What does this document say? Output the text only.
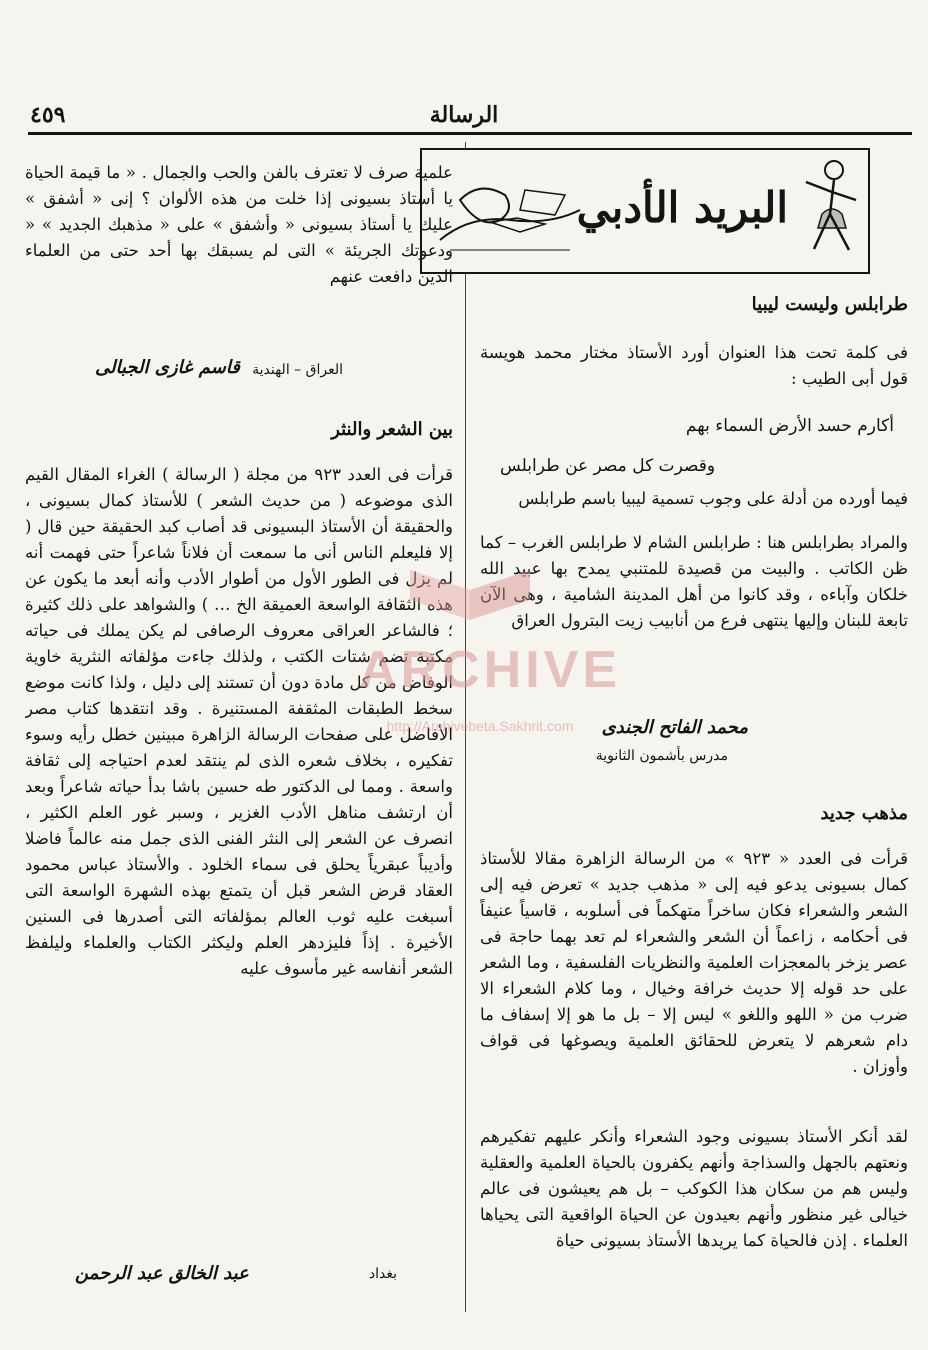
الرسالة
٤٥٩
البريد الأدبي

طرابلس وليست ليبيا

فى كلمة تحت هذا العنوان أورد الأستاذ مختار محمد هويسة قول أبى الطيب :

أكارم حسد الأرض السماء بهم

وقصرت كل مصر عن طرابلس

فيما أورده من أدلة على وجوب تسمية ليبيا باسم طرابلس

والمراد بطرابلس هنا : طرابلس الشام لا طرابلس الغرب – كما ظن الكاتب . والبيت من قصيدة للمتنبي يمدح بها عبيد الله خلكان وآباءه ، وقد كانوا من أهل المدينة الشامية ، وهى الآن تابعة للبنان وإليها ينتهى فرع من أنابيب زيت البترول العراق

محمد الفاتح الجندى

مدرس بأشمون الثانوية

مذهب جديد

قرأت فى العدد « ٩٢٣ » من الرسالة الزاهرة مقالا للأستاذ كمال بسيونى يدعو فيه إلى « مذهب جديد » تعرض فيه إلى الشعر والشعراء فكان ساخراً متهكماً فى أسلوبه ، قاسياً عنيفاً فى أحكامه ، زاعماً أن الشعر والشعراء لم تعد بهما حاجة فى عصر يزخر بالمعجزات العلمية والنظريات الفلسفية ، وما الشعر على حد قوله إلا حديث خرافة وخيال ، وما كلام الشعراء الا ضرب من « اللهو واللغو » ليس إلا – بل ما هو إلا إسفاف ما دام شعرهم لا يتعرض للحقائق العلمية ويصوغها فى قواف وأوزان .

لقد أنكر الأستاذ بسيونى وجود الشعراء وأنكر عليهم تفكيرهم ونعتهم بالجهل والسذاجة وأنهم يكفرون بالحياة العلمية والعقلية وليس هم من سكان هذا الكوكب – بل هم يعيشون فى عالم خيالى غير منظور وأنهم بعيدون عن الحياة الواقعية التى يحياها العلماء . إذن فالحياة كما يريدها الأستاذ بسيونى حياة

علمية صرف لا تعترف بالفن والحب والجمال . « ما قيمة الحياة يا أستاذ بسيونى إذا خلت من هذه الألوان ؟ إنى « أشفق » عليك يا أستاذ بسيونى « وأشفق » على « مذهبك الجديد » « ودعوتك الجريئة » التى لم يسبقك بها أحد حتى من العلماء الذين دافعت عنهم

العراق – الهندية

قاسم غازى الجبالى

بين الشعر والنثر

قرأت فى العدد ٩٢٣ من مجلة ( الرسالة ) الغراء المقال القيم الذى موضوعه ( من حديث الشعر ) للأستاذ كمال بسيونى ، والحقيقة أن الأستاذ البسيونى قد أصاب كبد الحقيقة حين قال ( إلا فليعلم الناس أنى ما سمعت أن فلاناً شاعراً حتى فهمت أنه لم يزل فى الطور الأول من أطوار الأدب وأنه أبعد ما يكون عن هذه الثقافة الواسعة العميقة الخ … ) والشواهد على ذلك كثيرة ؛ فالشاعر العراقى معروف الرصافى لم يكن يملك فى حياته مكتبة تضم شتات الكتب ، ولذلك جاءت مؤلفاته النثرية خاوية الوفاض من كل مادة دون أن تستند إلى دليل ، ولذا كانت موضع سخط الطبقات المثقفة المستنيرة . وقد انتقدها كتاب مصر الأفاضل على صفحات الرسالة الزاهرة مبينين خطل رأيه وسوء تفكيره ، بخلاف شعره الذى لم ينتقد لعدم احتياجه إلى ثقافة واسعة . ومما لى الدكتور طه حسين باشا بدأ حياته شاعراً وبعد أن ارتشف مناهل الأدب الغزير ، وسبر غور العلم الكثير ، انصرف عن الشعر إلى النثر الفنى الذى جمل منه عالماً فاضلا وأديباً عبقرياً يحلق فى سماء الخلود . والأستاذ عباس محمود العقاد قرض الشعر قبل أن يتمتع بهذه الشهرة الواسعة التى أسبغت عليه ثوب العالم بمؤلفاته التى أصدرها فى السنين الأخيرة . إذاً فليزدهر العلم وليكثر الكتاب والعلماء وليلفظ الشعر أنفاسه غير مأسوف عليه

بغداد

عبد الخالق عبد الرحمن

ARCHIVE
http://Archivebeta.Sakhrit.com
